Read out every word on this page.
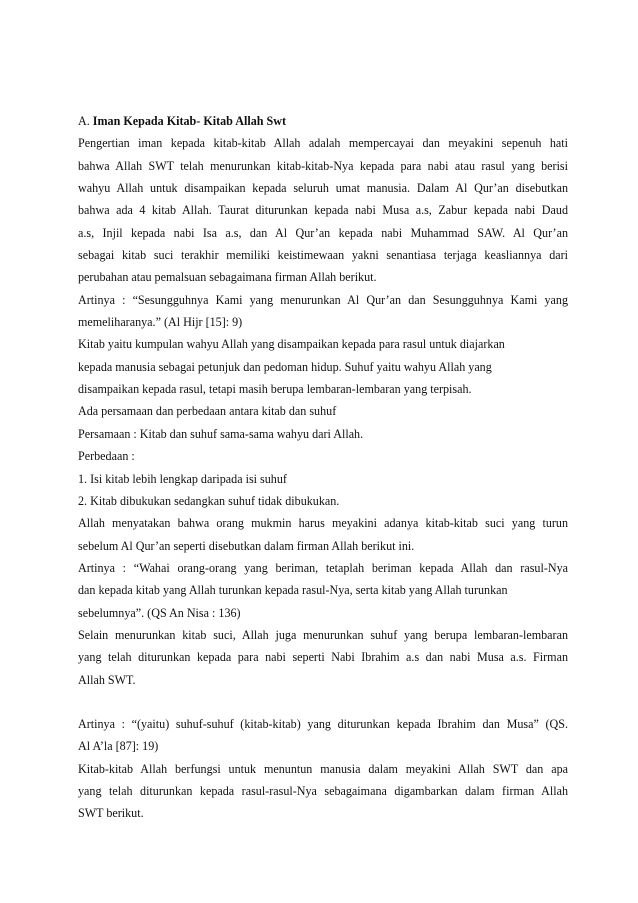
A. Iman Kepada Kitab- Kitab Allah Swt
Pengertian iman kepada kitab-kitab Allah adalah mempercayai dan meyakini sepenuh hati
bahwa Allah SWT telah menurunkan kitab-kitab-Nya kepada para nabi atau rasul yang berisi
wahyu Allah untuk disampaikan kepada seluruh umat manusia. Dalam Al Qur’an disebutkan
bahwa ada 4 kitab Allah. Taurat diturunkan kepada nabi Musa a.s, Zabur kepada nabi Daud
a.s, Injil kepada nabi Isa a.s, dan Al Qur’an kepada nabi Muhammad SAW. Al Qur’an
sebagai kitab suci terakhir memiliki keistimewaan yakni senantiasa terjaga keasliannya dari
perubahan atau pemalsuan sebagaimana firman Allah berikut.
Artinya : “Sesungguhnya Kami yang menurunkan Al Qur’an dan Sesungguhnya Kami yang
memeliharanya.” (Al Hijr [15]: 9)
Kitab yaitu kumpulan wahyu Allah yang disampaikan kepada para rasul untuk diajarkan
kepada manusia sebagai petunjuk dan pedoman hidup. Suhuf yaitu wahyu Allah yang
disampaikan kepada rasul, tetapi masih berupa lembaran-lembaran yang terpisah.
Ada persamaan dan perbedaan antara kitab dan suhuf
Persamaan : Kitab dan suhuf sama-sama wahyu dari Allah.
Perbedaan :
1. Isi kitab lebih lengkap daripada isi suhuf
2. Kitab dibukukan sedangkan suhuf tidak dibukukan.
Allah menyatakan bahwa orang mukmin harus meyakini adanya kitab-kitab suci yang turun
sebelum Al Qur’an seperti disebutkan dalam firman Allah berikut ini.
Artinya : “Wahai orang-orang yang beriman, tetaplah beriman kepada Allah dan rasul-Nya
dan kepada kitab yang Allah turunkan kepada rasul-Nya, serta kitab yang Allah turunkan
sebelumnya”. (QS An Nisa : 136)
Selain menurunkan kitab suci, Allah juga menurunkan suhuf yang berupa lembaran-lembaran
yang telah diturunkan kepada para nabi seperti Nabi Ibrahim a.s dan nabi Musa a.s. Firman
Allah SWT.
Artinya : “(yaitu) suhuf-suhuf (kitab-kitab) yang diturunkan kepada Ibrahim dan Musa” (QS.
Al A’la [87]: 19)
Kitab-kitab Allah berfungsi untuk menuntun manusia dalam meyakini Allah SWT dan apa
yang telah diturunkan kepada rasul-rasul-Nya sebagaimana digambarkan dalam firman Allah
SWT berikut.
